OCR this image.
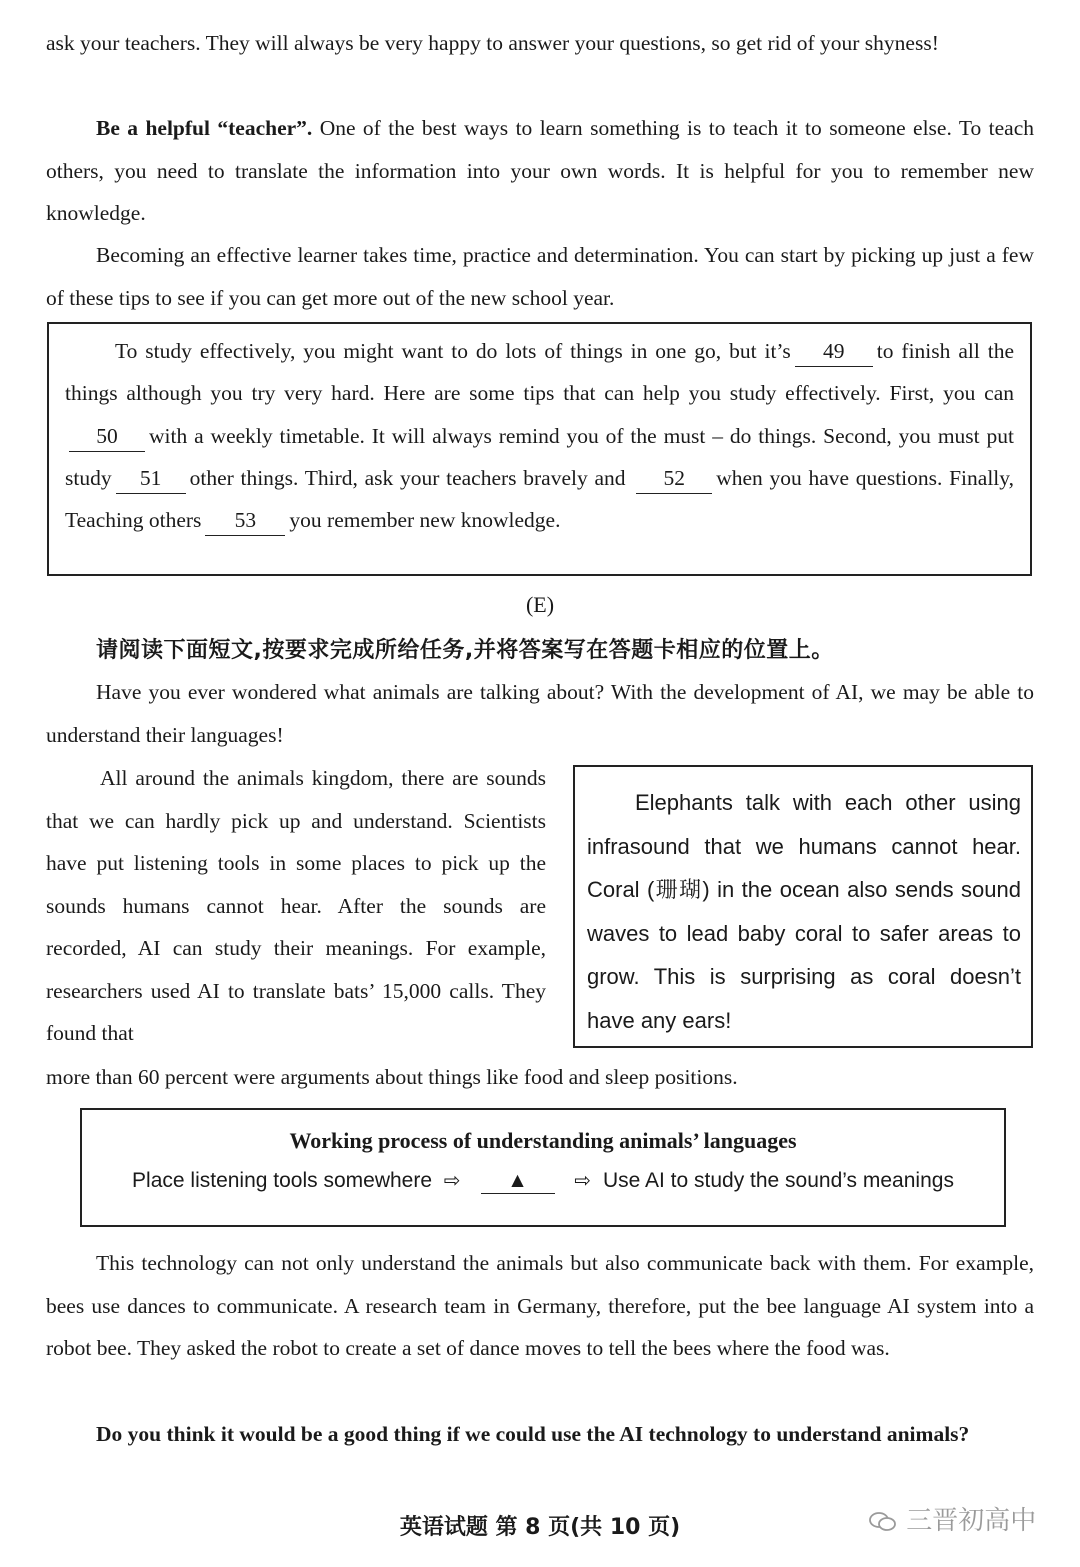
ask your teachers. They will always be very happy to answer your questions, so get rid of your shyness!

Be a helpful “teacher”. One of the best ways to learn something is to teach it to someone else. To teach others, you need to translate the information into your own words. It is helpful for you to remember new knowledge.

Becoming an effective learner takes time, practice and determination. You can start by picking up just a few of these tips to see if you can get more out of the new school year.

To study effectively, you might want to do lots of things in one go, but it’s 49 to finish all the things although you try very hard. Here are some tips that can help you study effectively. First, you can50 with a weekly timetable. It will always remind you of the must – do things. Second, you must put study 51 other things. Third, ask your teachers bravely and 52 when you have questions. Finally, Teaching others 53 you remember new knowledge.

(E)
请阅读下面短文,按要求完成所给任务,并将答案写在答题卡相应的位置上。

Have you ever wondered what animals are talking about? With the development of AI, we may be able to understand their languages!

All around the animals kingdom, there are sounds that we can hardly pick up and understand. Scientists have put listening tools in some places to pick up the sounds humans cannot hear. After the sounds are recorded, AI can study their meanings. For example, researchers used AI to translate bats’ 15,000 calls. They found that

Elephants talk with each other using infrasound that we humans cannot hear. Coral (珊瑚) in the ocean also sends sound waves to lead baby coral to safer areas to grow. This is surprising as coral doesn’t have any ears!

more than 60 percent were arguments about things like food and sleep positions.

Working process of understanding animals’ languages
Place listening tools somewhere ⇨ ▲ ⇨ Use AI to study the sound’s meanings

This technology can not only understand the animals but also communicate back with them. For example, bees use dances to communicate. A research team in Germany, therefore, put the bee language AI system into a robot bee. They asked the robot to create a set of dance moves to tell the bees where the food was.

Do you think it would be a good thing if we could use the AI technology to understand animals?

英语试题 第 8 页(共 10 页)	三晋初高中
